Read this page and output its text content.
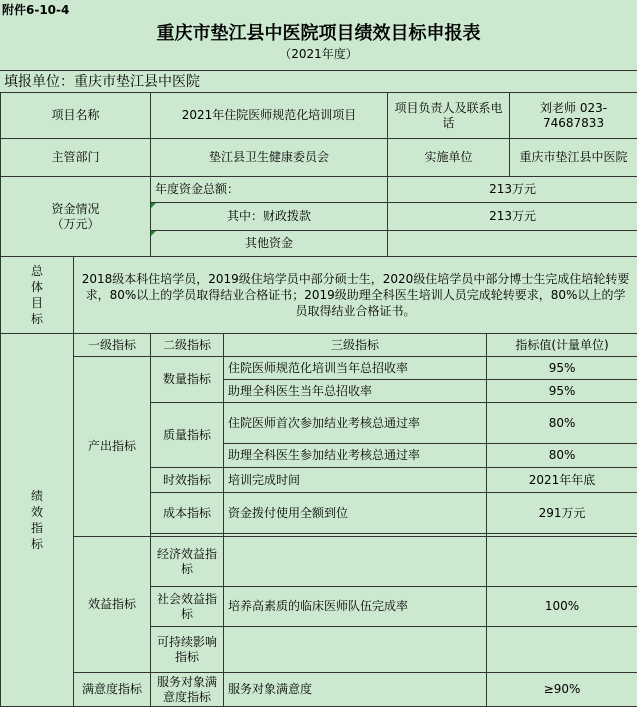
附件6-10-4
重庆市垫江县中医院项目绩效目标申报表
（2021年度）
填报单位：重庆市垫江县中医院
项目名称		2021年住院医师规范化培训项目		项目负责人及联系电话		刘老师 023-74687833
主管部门		垫江县卫生健康委员会		实施单位		重庆市垫江县中医院
资金情况
（万元）		年度资金总额：		213万元		
		其中：财政拨款		213万元		
		其他资金				
总体目标	2018级本科住培学员，2019级住培学员中部分硕士生，2020级住培学员中部分博士生完成住培轮转要求，80%以上的学员取得结业合格证书；2019级助理全科医生培训人员完成轮转要求，80%以上的学员取得结业合格证书。					
绩效指标	一级指标	二级指标	三级指标		指标值(计量单位)	
	产出指标	数量指标	住院医师规范化培训当年总招收率		95%	
			助理全科医生当年总招收率		95%	
		质量指标	住院医师首次参加结业考核总通过率		80%	
			助理全科医生参加结业考核总通过率		80%	
		时效指标	培训完成时间		2021年年底	
		成本指标	资金拨付使用全额到位		291万元	

	效益指标	经济效益指标				
		社会效益指标	培养高素质的临床医师队伍完成率		100%	
		可持续影响指标				
	满意度指标	服务对象满意度指标	服务对象满意度		≥90%	
